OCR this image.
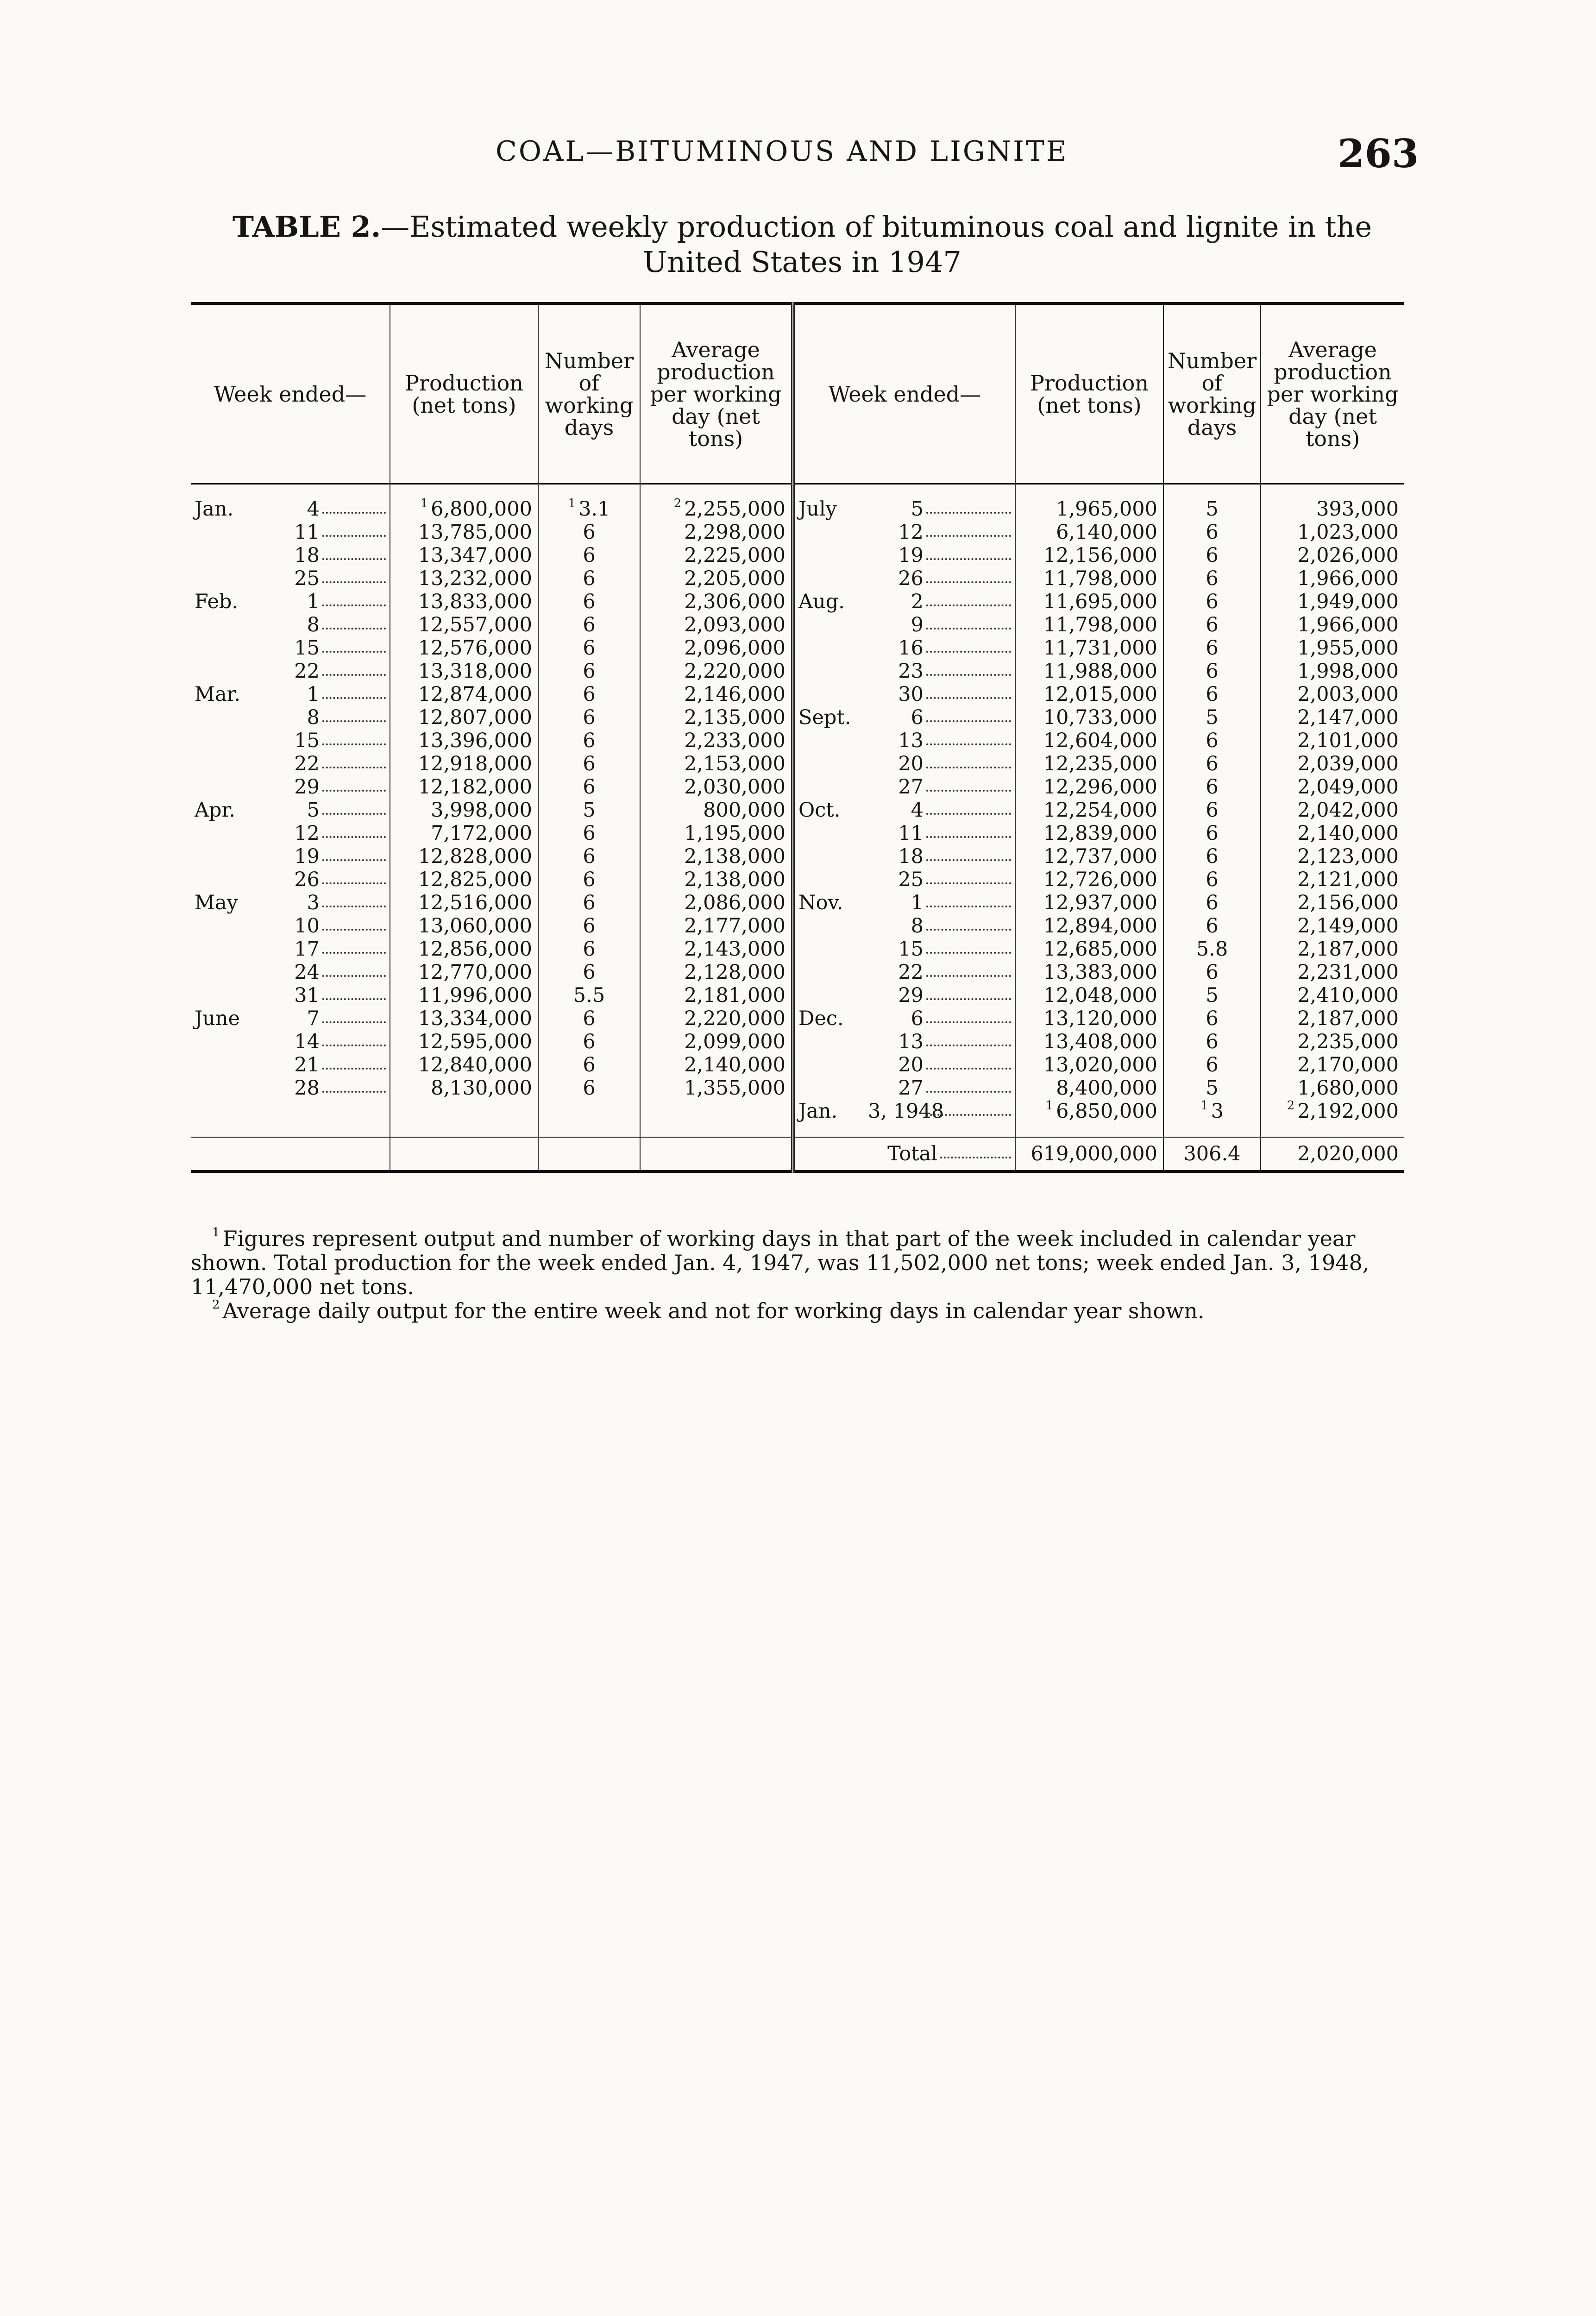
COAL—BITUMINOUS AND LIGNITE	263
TABLE 2.—Estimated weekly production of bituminous coal and lignite in the United States in 1947
Week ended—	Production (net tons)	Number of working days	Average production per working day (net tons)	Week ended—	Production (net tons)	Number of working days	Average production per working day (net tons)

Jan. 4	$^1$ 6,800,000	$^1$ 3.1	$^2$ 2,255,000	July 5	1,965,000	5	393,000

11	13,785,000	6	2,298,000	12	6,140,000	6	1,023,000

18	13,347,000	6	2,225,000	19	12,156,000	6	2,026,000

25	13,232,000	6	2,205,000	26	11,798,000	6	1,966,000

Feb. 1	13,833,000	6	2,306,000	Aug. 2	11,695,000	6	1,949,000

8	12,557,000	6	2,093,000	9	11,798,000	6	1,966,000

15	12,576,000	6	2,096,000	16	11,731,000	6	1,955,000

22	13,318,000	6	2,220,000	23	11,988,000	6	1,998,000

Mar. 1	12,874,000	6	2,146,000	30	12,015,000	6	2,003,000

8	12,807,000	6	2,135,000	Sept. 6	10,733,000	5	2,147,000

15	13,396,000	6	2,233,000	13	12,604,000	6	2,101,000

22	12,918,000	6	2,153,000	20	12,235,000	6	2,039,000

29	12,182,000	6	2,030,000	27	12,296,000	6	2,049,000

Apr. 5	3,998,000	5	800,000	Oct. 4	12,254,000	6	2,042,000

12	7,172,000	6	1,195,000	11	12,839,000	6	2,140,000

19	12,828,000	6	2,138,000	18	12,737,000	6	2,123,000

26	12,825,000	6	2,138,000	25	12,726,000	6	2,121,000

May 3	12,516,000	6	2,086,000	Nov. 1	12,937,000	6	2,156,000

10	13,060,000	6	2,177,000	8	12,894,000	6	2,149,000

17	12,856,000	6	2,143,000	15	12,685,000	5.8	2,187,000

24	12,770,000	6	2,128,000	22	13,383,000	6	2,231,000

31	11,996,000	5.5	2,181,000	29	12,048,000	5	2,410,000

June 7	13,334,000	6	2,220,000	Dec. 6	13,120,000	6	2,187,000

14	12,595,000	6	2,099,000	13	13,408,000	6	2,235,000

21	12,840,000	6	2,140,000	20	13,020,000	6	2,170,000

28	8,130,000	6	1,355,000	27	8,400,000	5	1,680,000

				Jan. 3, 1948	$^1$ 6,850,000	$^1$ 3	$^2$ 2,192,000

				Total	619,000,000	306.4	2,020,000

$^1$ Figures represent output and number of working days in that part of the week included in calendar year shown. Total production for the week ended Jan. 4, 1947, was 11,502,000 net tons; week ended Jan. 3, 1948, 11,470,000 net tons.

$^2$ Average daily output for the entire week and not for working days in calendar year shown.
